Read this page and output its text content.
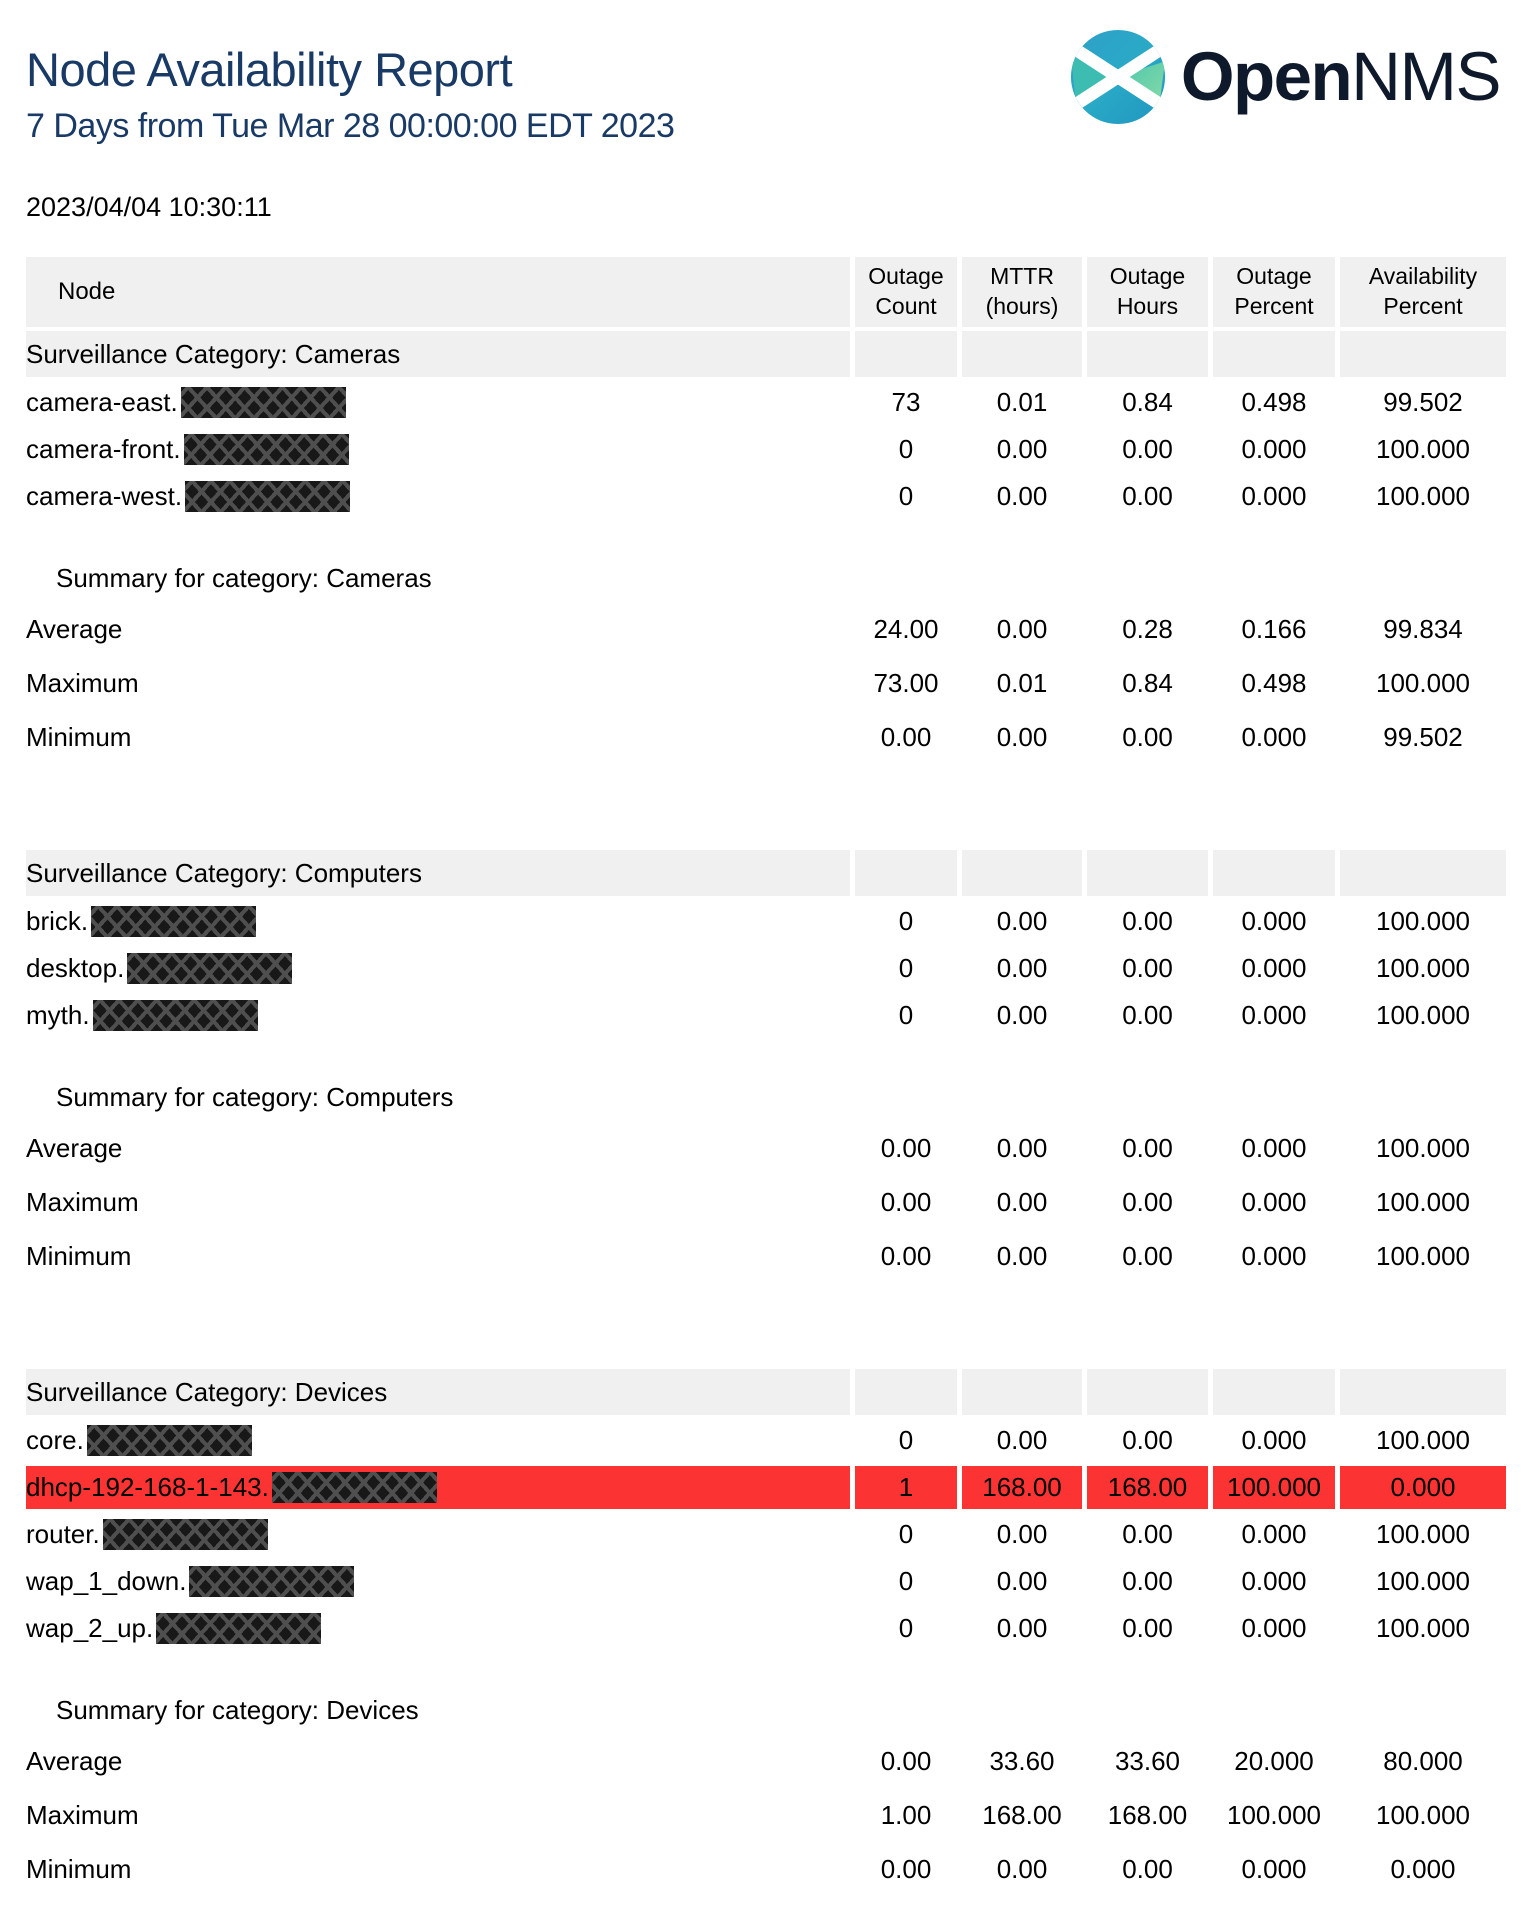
Node Availability Report

7 Days from Tue Mar 28 00:00:00 EDT 2023

OpenNMS
2023/04/04 10:30:11
Node	Outage Count	MTTR (hours)	Outage Hours	Outage Percent	Availability Percent
Surveillance Category: Cameras					
camera-east.	73	0.01	0.84	0.498	99.502
camera-front.	0	0.00	0.00	0.000	100.000
camera-west.	0	0.00	0.00	0.000	100.000

Summary for category: Cameras					
Average	24.00	0.00	0.28	0.166	99.834
Maximum	73.00	0.01	0.84	0.498	100.000
Minimum	0.00	0.00	0.00	0.000	99.502

Surveillance Category: Computers					
brick.	0	0.00	0.00	0.000	100.000
desktop.	0	0.00	0.00	0.000	100.000
myth.	0	0.00	0.00	0.000	100.000

Summary for category: Computers					
Average	0.00	0.00	0.00	0.000	100.000
Maximum	0.00	0.00	0.00	0.000	100.000
Minimum	0.00	0.00	0.00	0.000	100.000

Surveillance Category: Devices					
core.	0	0.00	0.00	0.000	100.000
dhcp-192-168-1-143.	1	168.00	168.00	100.000	0.000
router.	0	0.00	0.00	0.000	100.000
wap_1_down.	0	0.00	0.00	0.000	100.000
wap_2_up.	0	0.00	0.00	0.000	100.000

Summary for category: Devices					
Average	0.00	33.60	33.60	20.000	80.000
Maximum	1.00	168.00	168.00	100.000	100.000
Minimum	0.00	0.00	0.00	0.000	0.000
